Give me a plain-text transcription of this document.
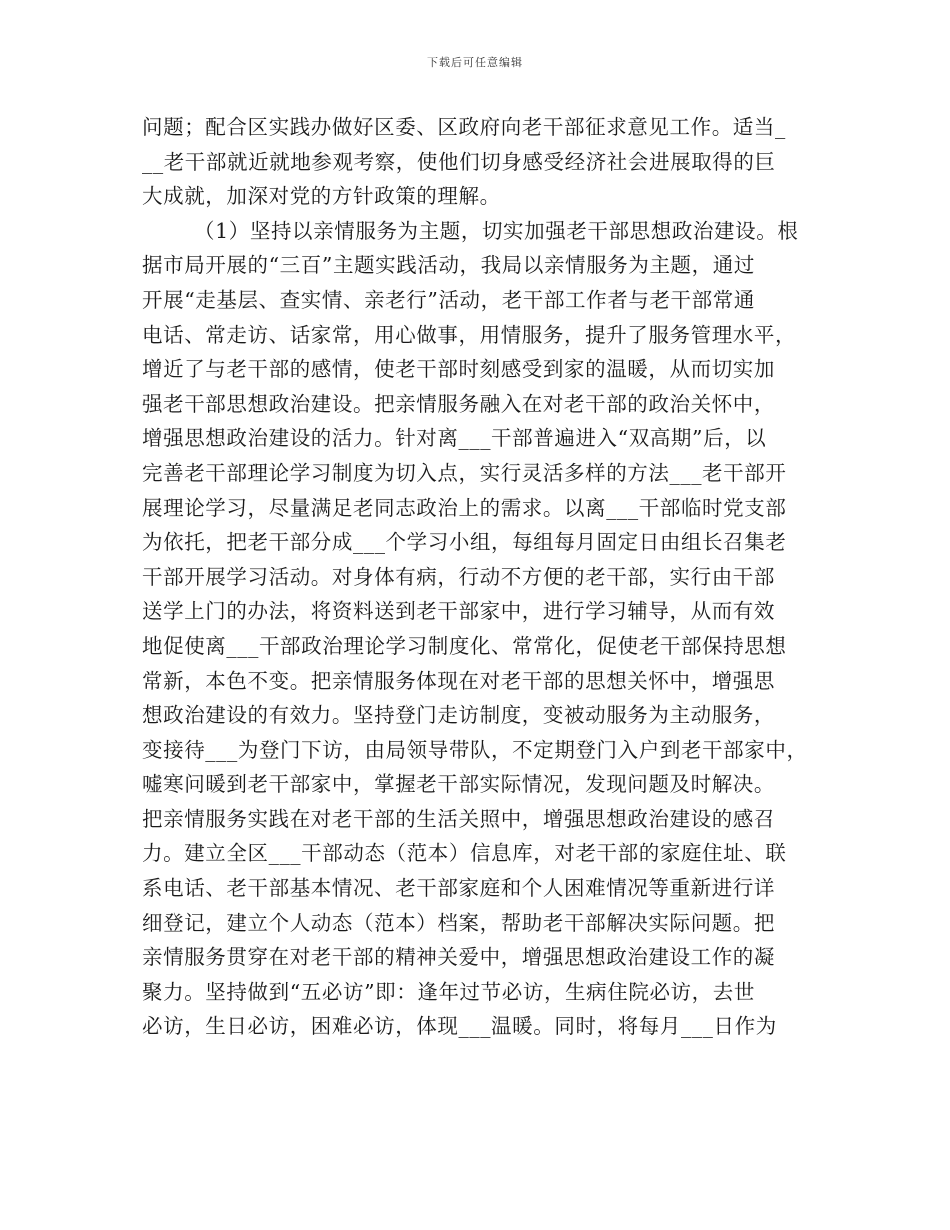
下载后可任意编辑
问题；配合区实践办做好区委、区政府向老干部征求意见工作。适当_
__老干部就近就地参观考察，使他们切身感受经济社会进展取得的巨
大成就，加深对党的方针政策的理解。
（1）坚持以亲情服务为主题，切实加强老干部思想政治建设。根
据市局开展的“三百”主题实践活动，我局以亲情服务为主题，通过
开展“走基层、查实情、亲老行”活动，老干部工作者与老干部常通
电话、常走访、话家常，用心做事，用情服务，提升了服务管理水平，
增近了与老干部的感情，使老干部时刻感受到家的温暖，从而切实加
强老干部思想政治建设。把亲情服务融入在对老干部的政治关怀中，
增强思想政治建设的活力。针对离___干部普遍进入“双高期”后，以
完善老干部理论学习制度为切入点，实行灵活多样的方法___老干部开
展理论学习，尽量满足老同志政治上的需求。以离___干部临时党支部
为依托，把老干部分成___个学习小组，每组每月固定日由组长召集老
干部开展学习活动。对身体有病，行动不方便的老干部，实行由干部
送学上门的办法，将资料送到老干部家中，进行学习辅导，从而有效
地促使离___干部政治理论学习制度化、常常化，促使老干部保持思想
常新，本色不变。把亲情服务体现在对老干部的思想关怀中，增强思
想政治建设的有效力。坚持登门走访制度，变被动服务为主动服务，
变接待___为登门下访，由局领导带队，不定期登门入户到老干部家中，
嘘寒问暖到老干部家中，掌握老干部实际情况，发现问题及时解决。
把亲情服务实践在对老干部的生活关照中，增强思想政治建设的感召
力。建立全区___干部动态（范本）信息库，对老干部的家庭住址、联
系电话、老干部基本情况、老干部家庭和个人困难情况等重新进行详
细登记，建立个人动态（范本）档案，帮助老干部解决实际问题。把
亲情服务贯穿在对老干部的精神关爱中，增强思想政治建设工作的凝
聚力。坚持做到“五必访”即：逢年过节必访，生病住院必访，去世
必访，生日必访，困难必访，体现___温暖。同时，将每月___日作为
